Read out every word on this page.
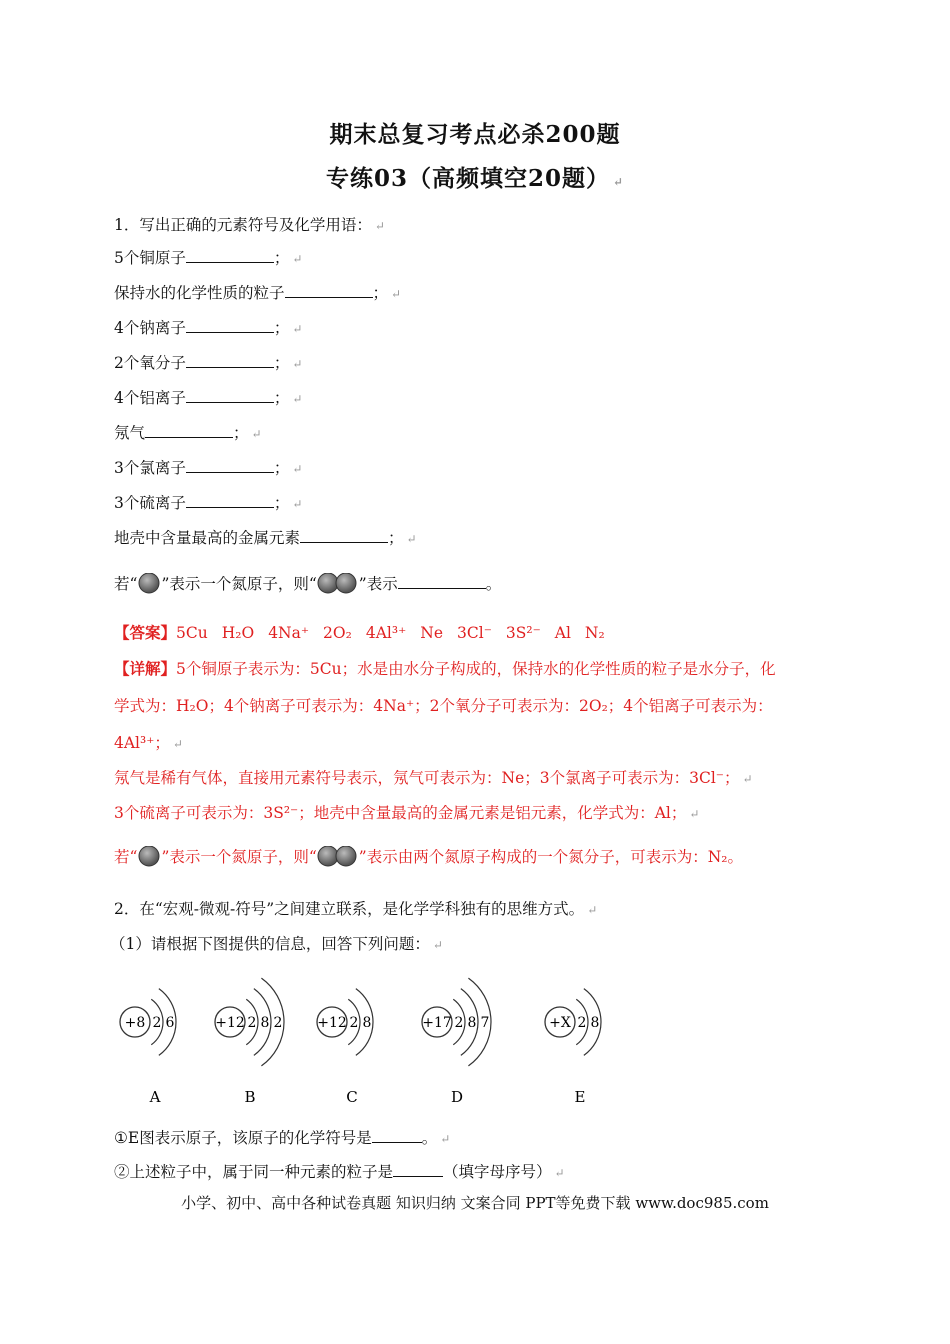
期末总复习考点必杀200题
专练03（高频填空20题） ↵
1．写出正确的元素符号及化学用语： ↵
5个铜原子	； ↵
保持水的化学性质的粒子	； ↵
4个钠离子	； ↵
2个氧分子	； ↵
4个铝离子	； ↵
氖气	； ↵
3个氯离子	； ↵
3个硫离子	； ↵
地壳中含量最高的金属元素	； ↵
若“ ”表示一个氮原子，则“	”表示	。
【答案】5Cu H₂O 4Na⁺ 2O₂ 4Al³⁺ Ne 3Cl⁻ 3S²⁻ Al N₂
【详解】5个铜原子表示为：5Cu；水是由水分子构成的，保持水的化学性质的粒子是水分子，化
学式为：H₂O；4个钠离子可表示为：4Na⁺；2个氧分子可表示为：2O₂；4个铝离子可表示为：
4Al³⁺； ↵
氖气是稀有气体，直接用元素符号表示，氖气可表示为：Ne；3个氯离子可表示为：3Cl⁻； ↵
3个硫离子可表示为：3S²⁻；地壳中含量最高的金属元素是铝元素，化学式为：Al； ↵
若“ ”表示一个氮原子，则“	”表示由两个氮原子构成的一个氮分子，可表示为：N₂。
2．在“宏观-微观-符号”之间建立联系，是化学学科独有的思维方式。 ↵
（1）请根据下图提供的信息，回答下列问题： ↵
+8 2 6
A
+12 2 8 2
B
+12 2 8
C
+17 2 8 7
D
+X 2 8
E
①E图表示原子，该原子的化学符号是	。 ↵
②上述粒子中，属于同一种元素的粒子是	（填字母序号） ↵
小学、初中、高中各种试卷真题 知识归纳 文案合同 PPT等免费下载 www.doc985.com
